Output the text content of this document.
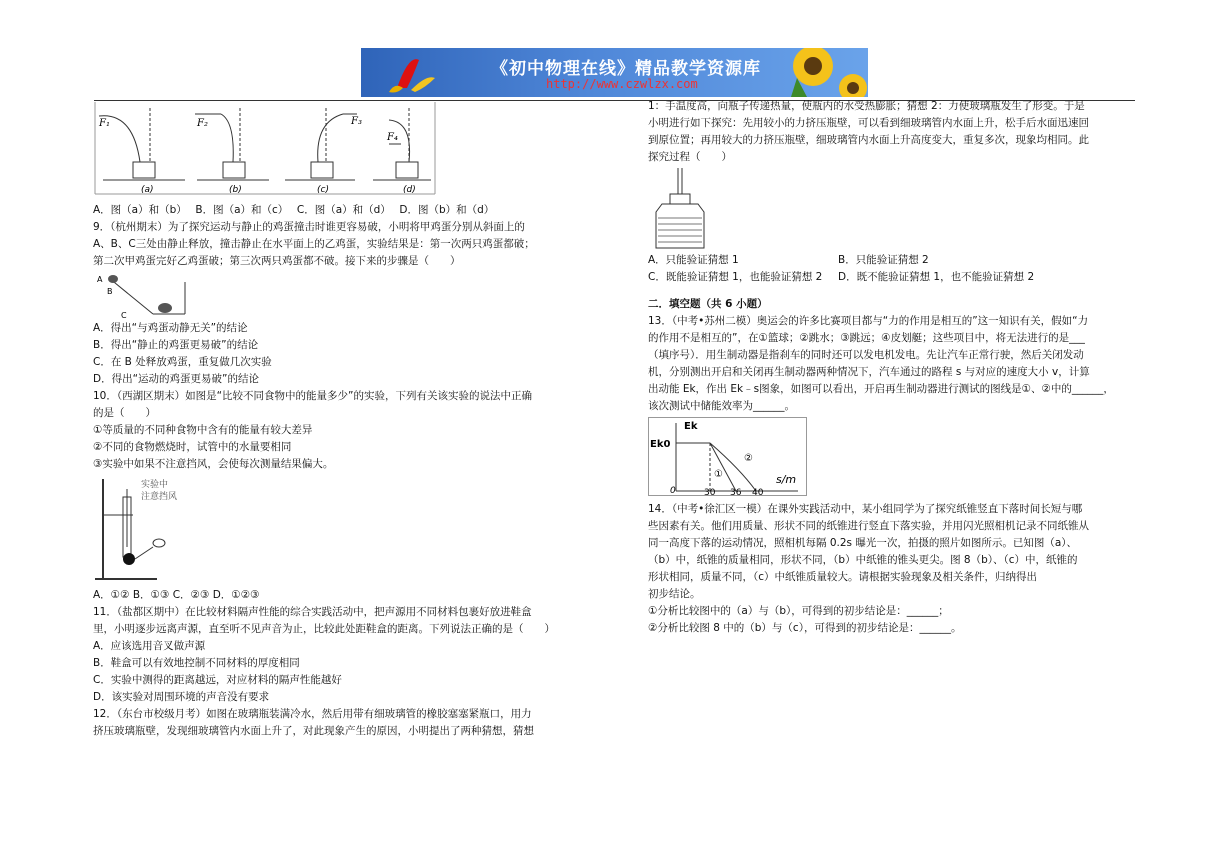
《初中物理在线》精品教学资源库
http://www.czwlzx.com
F₁	F₂	F₃
F₄
(a)	(b)	(c)	(d)

A．图（a）和（b）　 B．图（a）和（c）　 C．图（a）和（d）　 D．图（b）和（d）

9．（杭州期末）为了探究运动与静止的鸡蛋撞击时谁更容易破，小明将甲鸡蛋分别从斜面上的

A、B、C三处由静止释放，撞击静止在水平面上的乙鸡蛋，实验结果是：第一次两只鸡蛋都破；

第二次甲鸡蛋完好乙鸡蛋破；第三次两只鸡蛋都不破。接下来的步骤是（　　）

A
B
C

A．得出“与鸡蛋动静无关”的结论

B．得出“静止的鸡蛋更易破”的结论

C．在 B 处释放鸡蛋，重复做几次实验

D．得出“运动的鸡蛋更易破”的结论

10．（西湖区期末）如图是“比较不同食物中的能量多少”的实验，下列有关该实验的说法中正确

的是（　　）

①等质量的不同种食物中含有的能量有较大差异

②不同的食物燃烧时，试管中的水量要相同

③实验中如果不注意挡风，会使每次测量结果偏大。

实验中
注意挡风

A．①② B．①③ C．②③ D．①②③

11．（盐都区期中）在比较材料隔声性能的综合实践活动中，把声源用不同材料包裹好放进鞋盒

里，小明逐步远离声源，直至听不见声音为止，比较此处距鞋盒的距离。下列说法正确的是（　　）

A．应该选用音叉做声源

B．鞋盒可以有效地控制不同材料的厚度相同

C．实验中测得的距离越远，对应材料的隔声性能越好

D．该实验对周围环境的声音没有要求

12．（东台市校级月考）如图在玻璃瓶装满冷水，然后用带有细玻璃管的橡胶塞塞紧瓶口，用力

挤压玻璃瓶壁，发现细玻璃管内水面上升了，对此现象产生的原因，小明提出了两种猜想，猜想

1：手温度高，向瓶子传递热量，使瓶内的水受热膨胀；猜想 2：力使玻璃瓶发生了形变。于是

小明进行如下探究：先用较小的力挤压瓶壁，可以看到细玻璃管内水面上升，松手后水面迅速回

到原位置；再用较大的力挤压瓶壁，细玻璃管内水面上升高度变大，重复多次，现象均相同。此

探究过程（　　）

A．只能验证猜想 1	B．只能验证猜想 2

C．既能验证猜想 1，也能验证猜想 2	D．既不能验证猜想 1，也不能验证猜想 2

二．填空题（共 6 小题）

13．（中考•苏州二模）奥运会的许多比赛项目都与“力的作用是相互的”这一知识有关，假如“力

的作用不是相互的”，在①篮球；②跳水；③跳远；④皮划艇；这些项目中，将无法进行的是___

（填序号）．用生制动器是指刹车的同时还可以发电机发电。先让汽车正常行驶，然后关闭发动

机，分别测出开启和关闭再生制动器两种情况下，汽车通过的路程 s 与对应的速度大小 v，计算

出动能 Ek，作出 Ek﹣s图象，如图可以看出，开启再生制动器进行测试的图线是①、②中的______，

该次测试中储能效率为______。

Ek
Ek0
0
s/m
30 36 40
①
②

14．（中考•徐汇区一模）在课外实践活动中，某小组同学为了探究纸锥竖直下落时间长短与哪

些因素有关。他们用质量、形状不同的纸锥进行竖直下落实验，并用闪光照相机记录不同纸锥从

同一高度下落的运动情况，照相机每隔 0.2s 曝光一次，拍摄的照片如图所示。已知图（a）、

（b）中，纸锥的质量相同，形状不同，（b）中纸锥的锥头更尖。图 8（b）、（c）中，纸锥的

形状相同，质量不同，（c）中纸锥质量较大。请根据实验现象及相关条件，归纳得出

初步结论。

①分析比较图中的（a）与（b），可得到的初步结论是：______；

②分析比较图 8 中的（b）与（c），可得到的初步结论是：______。
